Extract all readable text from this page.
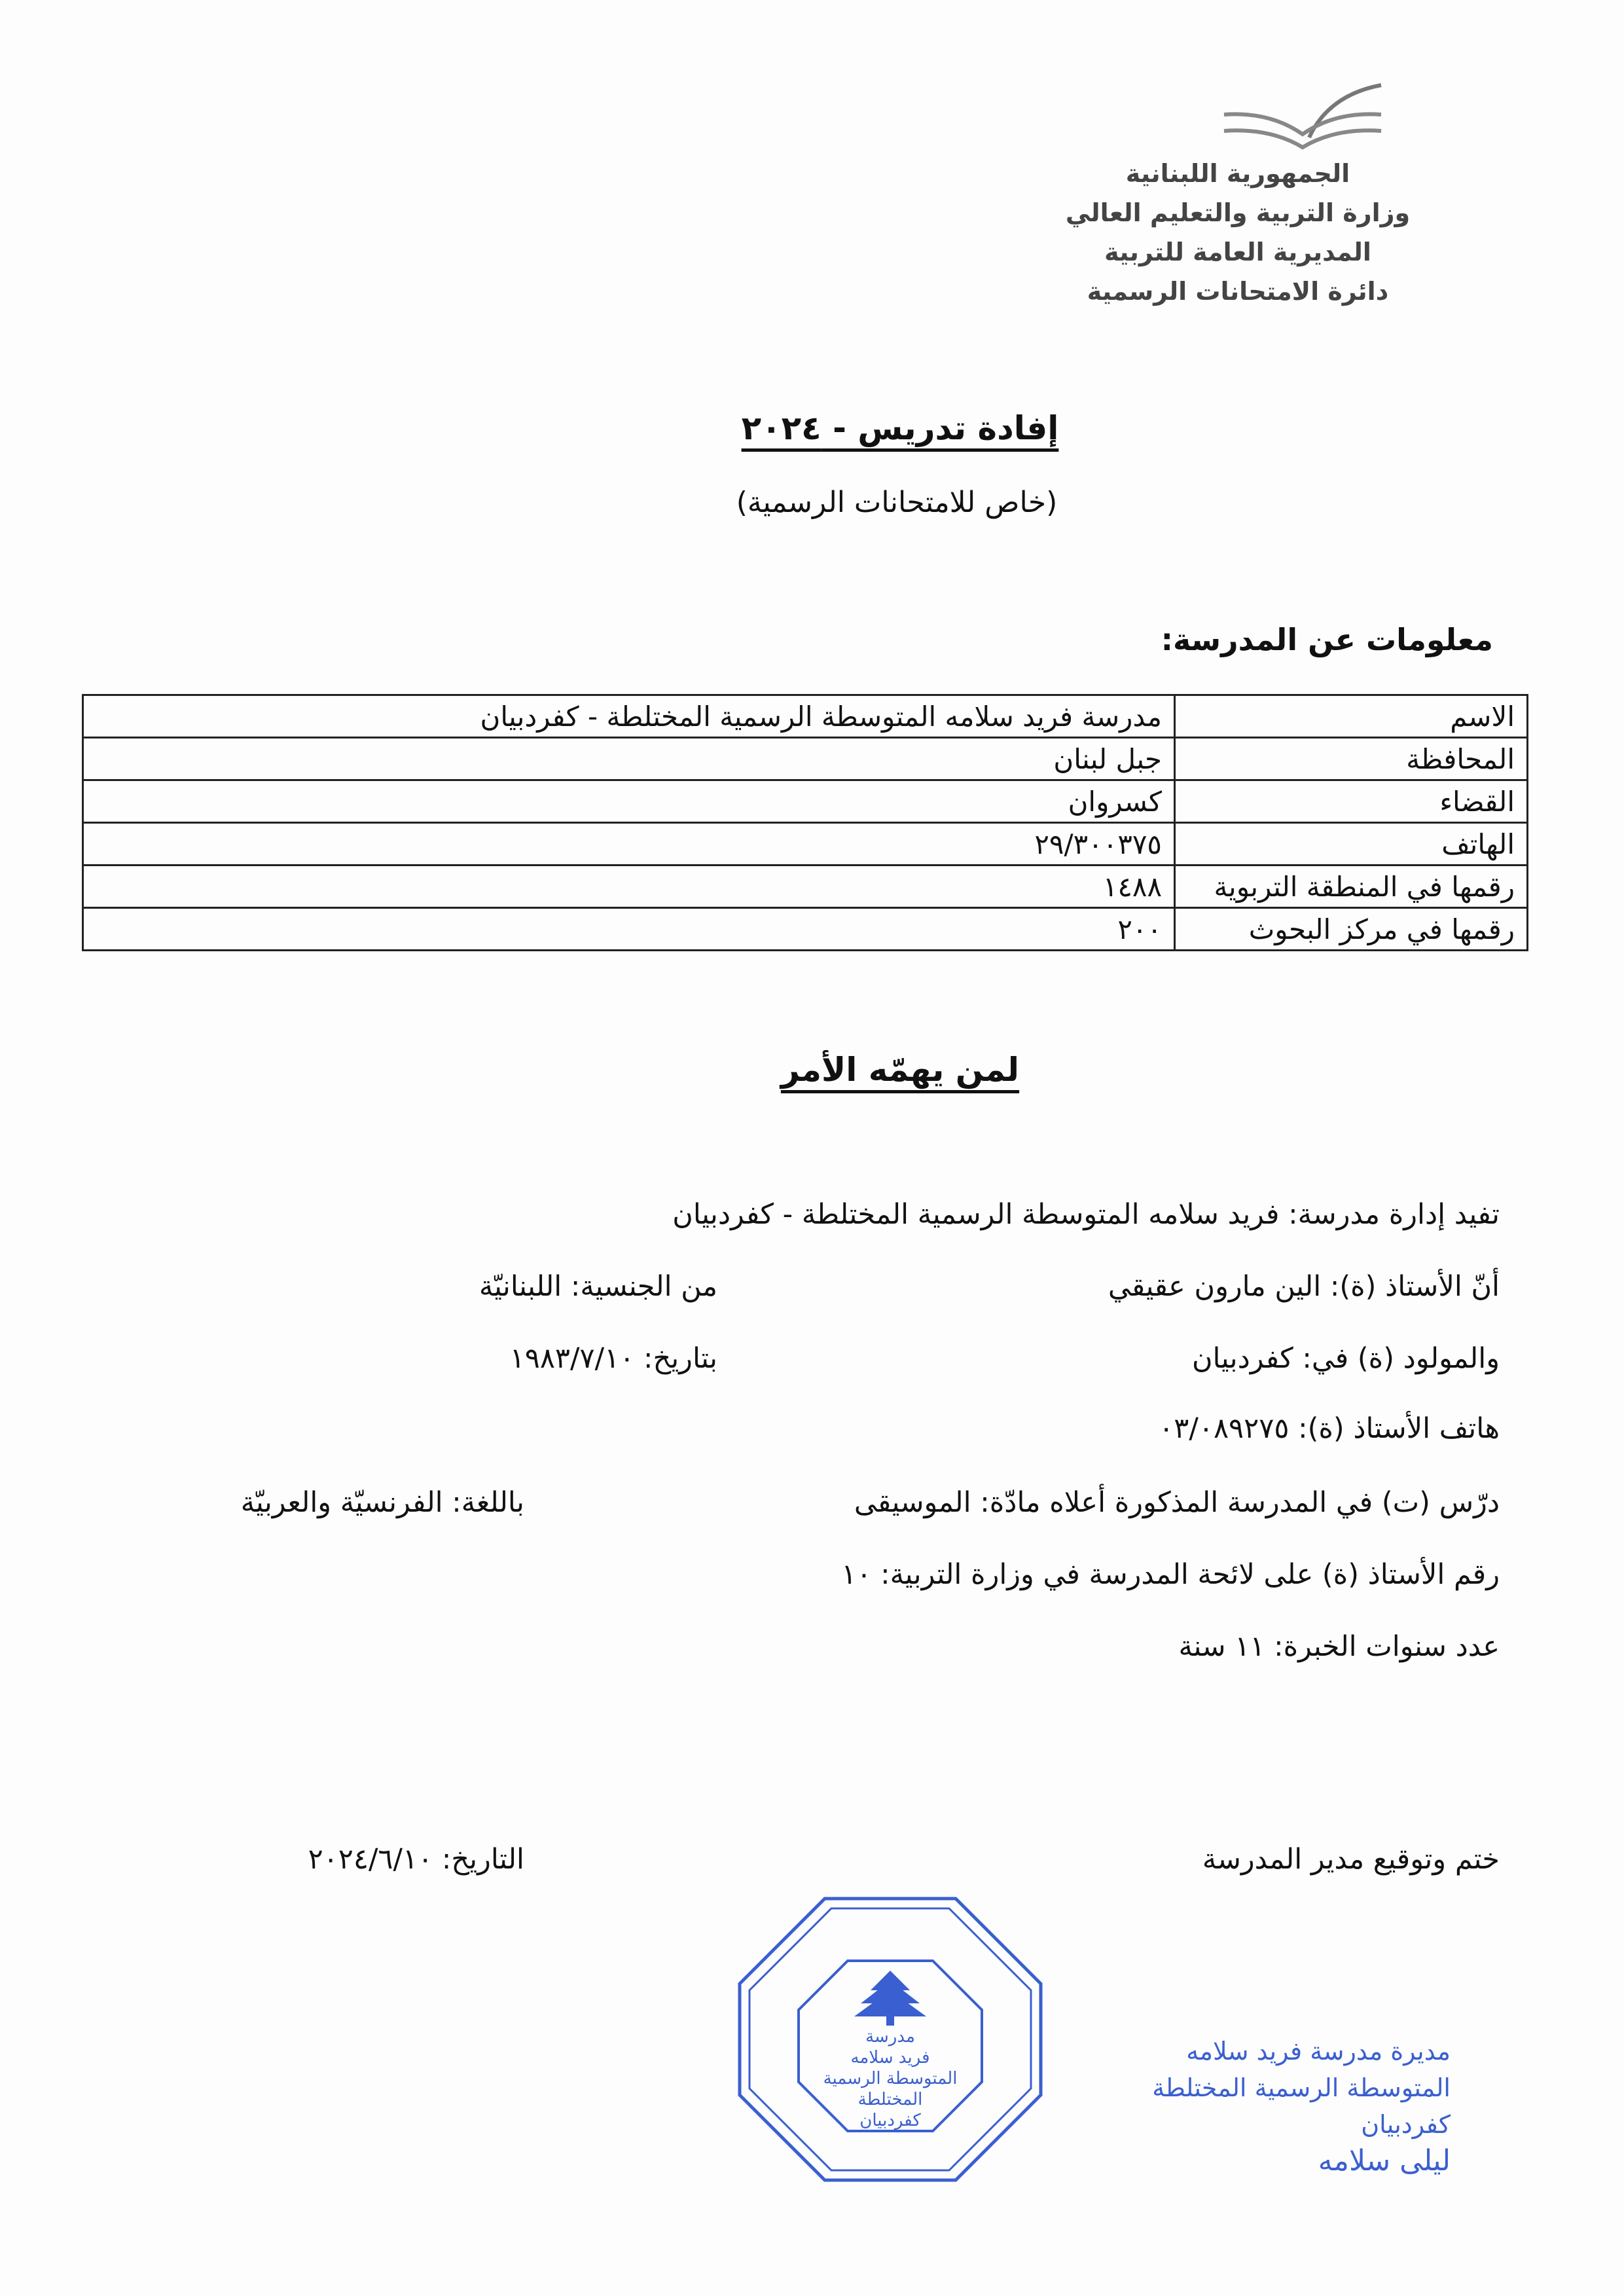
الجمهورية اللبنانية
وزارة التربية والتعليم العالي
المديرية العامة للتربية
دائرة الامتحانات الرسمية
إفادة تدريس - ٢٠٢٤
(خاص للامتحانات الرسمية)
معلومات عن المدرسة:
الاسم	مدرسة فريد سلامه المتوسطة الرسمية المختلطة - كفردبيان
المحافظة	جبل لبنان
القضاء	كسروان
الهاتف	٢٩/٣٠٠٣٧٥
رقمها في المنطقة التربوية	١٤٨٨
رقمها في مركز البحوث	٢٠٠
لمن يهمّه الأمر
تفيد إدارة مدرسة: فريد سلامه المتوسطة الرسمية المختلطة - كفردبيان
أنّ الأستاذ (ة): الين مارون عقيقي
من الجنسية: اللبنانيّة
والمولود (ة) في: كفردبيان
بتاريخ: ١٩٨٣/٧/١٠
هاتف الأستاذ (ة): ٠٣/٠٨٩٢٧٥
درّس (ت) في المدرسة المذكورة أعلاه مادّة: الموسيقى
باللغة: الفرنسيّة والعربيّة
رقم الأستاذ (ة) على لائحة المدرسة في وزارة التربية: ١٠
عدد سنوات الخبرة: ١١ سنة
ختم وتوقيع مدير المدرسة
التاريخ: ٢٠٢٤/٦/١٠
مدرسة
فريد سلامه
المتوسطة الرسمية
المختلطة
كفردبيان
مديرة مدرسة فريد سلامه
المتوسطة الرسمية المختلطة
كفردبيان
ليلى سلامه
